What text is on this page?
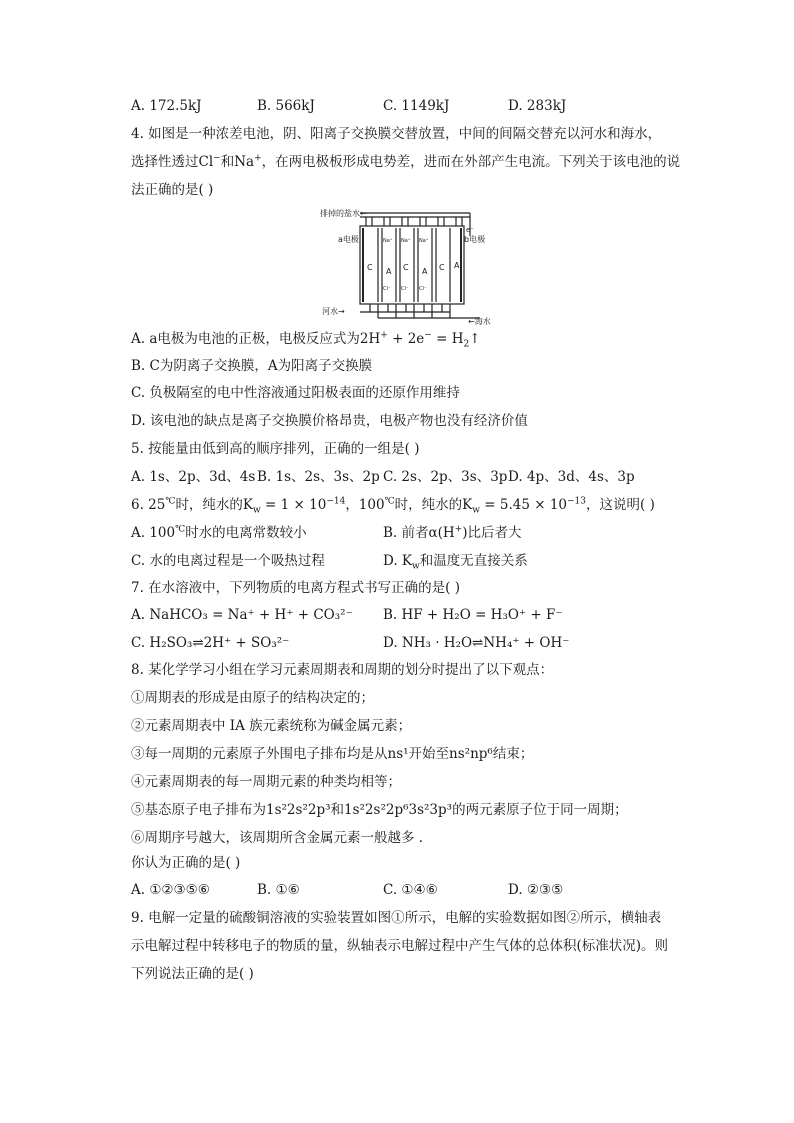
A. 172.5kJ	B. 566kJ	C. 1149kJ	D. 283kJ
4. 如图是一种浓差电池，阴、阳离子交换膜交替放置，中间的间隔交替充以河水和海水，
选择性透过Cl−和Na+，在两电极板形成电势差，进而在外部产生电流。下列关于该电池的说
法正确的是( )
排掉的盐水←
a电极	b电极
e⁻
河水→
←海水
C A C A C A
Na⁺	Na⁺
Na⁺
Cl⁻	Cl⁻
Cl⁻
A. a电极为电池的正极，电极反应式为$2H^+ + 2e^- = H_2↑$
B. C为阴离子交换膜，A为阳离子交换膜
C. 负极隔室的电中性溶液通过阳极表面的还原作用维持
D. 该电池的缺点是离子交换膜价格昂贵，电极产物也没有经济价值
5. 按能量由低到高的顺序排列，正确的一组是( )
A. 1s、2p、3d、4s B. 1s、2s、3s、2p C. 2s、2p、3s、3p D. 4p、3d、4s、3p
6. 25℃时，纯水的$K_w = 1 \times 10^{-14}$，100℃时，纯水的$K_w = 5.45 \times 10^{-13}$，这说明( )
A. 100℃时水的电离常数较小	B. 前者α(H+)比后者大
C. 水的电离过程是一个吸热过程	D. $K_w$和温度无直接关系
7. 在水溶液中，下列物质的电离方程式书写正确的是( )
A. NaHCO₃ = Na⁺ + H⁺ + CO₃²⁻ B. HF + H₂O = H₃O⁺ + F⁻
C. H₂SO₃⇌2H⁺ + SO₃²⁻	D. NH₃ · H₂O⇌NH₄⁺ + OH⁻
8. 某化学学习小组在学习元素周期表和周期的划分时提出了以下观点：
①周期表的形成是由原子的结构决定的；
②元素周期表中 IA 族元素统称为碱金属元素；
③每一周期的元素原子外围电子排布均是从ns¹开始至ns²np⁶结束；
④元素周期表的每一周期元素的种类均相等；
⑤基态原子电子排布为1s²2s²2p³和1s²2s²2p⁶3s²3p³的两元素原子位于同一周期；
⑥周期序号越大，该周期所含金属元素一般越多 .
你认为正确的是( )
A. ①②③⑤⑥	B. ①⑥	C. ①④⑥	D. ②③⑤
9. 电解一定量的硫酸铜溶液的实验装置如图①所示，电解的实验数据如图②所示，横轴表
示电解过程中转移电子的物质的量，纵轴表示电解过程中产生气体的总体积(标准状况)。则
下列说法正确的是( )
